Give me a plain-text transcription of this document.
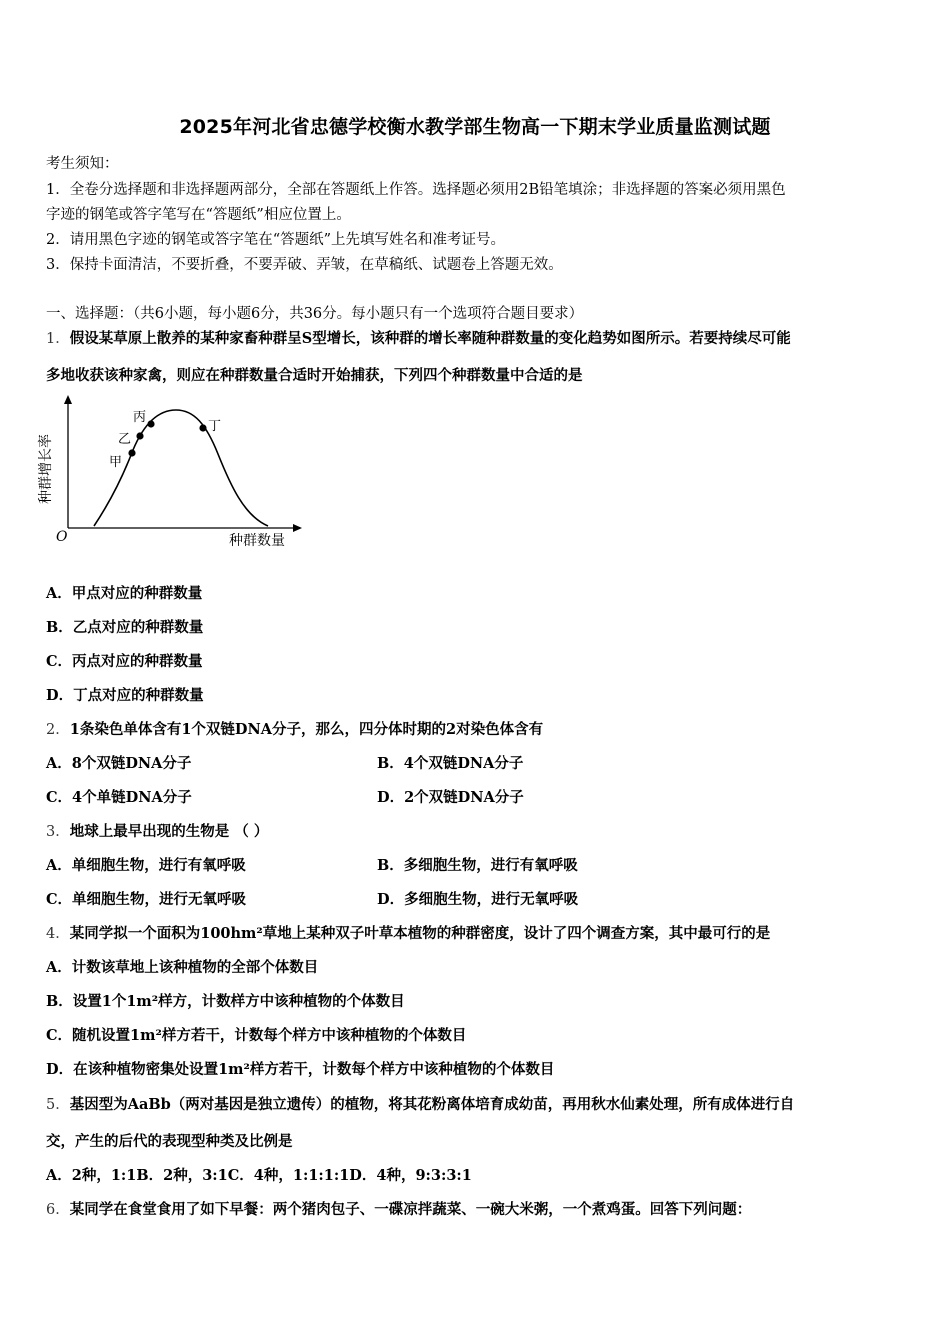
2025年河北省忠德学校衡水教学部生物高一下期末学业质量监测试题
考生须知：
1．全卷分选择题和非选择题两部分，全部在答题纸上作答。选择题必须用2B铅笔填涂；非选择题的答案必须用黑色
字迹的钢笔或答字笔写在“答题纸”相应位置上。
2．请用黑色字迹的钢笔或答字笔在“答题纸”上先填写姓名和准考证号。
3．保持卡面清洁，不要折叠，不要弄破、弄皱，在草稿纸、试题卷上答题无效。
一、选择题：（共6小题，每小题6分，共36分。每小题只有一个选项符合题目要求）
1．假设某草原上散养的某种家畜种群呈S型增长，该种群的增长率随种群数量的变化趋势如图所示。若要持续尽可能
多地收获该种家禽，则应在种群数量合适时开始捕获，下列四个种群数量中合适的是
甲
乙
丙
丁
O	种群数量
种群增长率
A．甲点对应的种群数量
B．乙点对应的种群数量
C．丙点对应的种群数量
D．丁点对应的种群数量
2．1条染色单体含有1个双链DNA分子，那么，四分体时期的2对染色体含有
A．8个双链DNA分子	B．4个双链DNA分子
C．4个单链DNA分子	D．2个双链DNA分子
3．地球上最早出现的生物是 （ ）
A．单细胞生物，进行有氧呼吸	B．多细胞生物，进行有氧呼吸
C．单细胞生物，进行无氧呼吸	D．多细胞生物，进行无氧呼吸
4．某同学拟一个面积为100hm²草地上某种双子叶草本植物的种群密度，设计了四个调查方案，其中最可行的是
A．计数该草地上该种植物的全部个体数目
B．设置1个1m²样方，计数样方中该种植物的个体数目
C．随机设置1m²样方若干，计数每个样方中该种植物的个体数目
D．在该种植物密集处设置1m²样方若干，计数每个样方中该种植物的个体数目
5．基因型为AaBb（两对基因是独立遗传）的植物，将其花粉离体培育成幼苗，再用秋水仙素处理，所有成体进行自
交，产生的后代的表现型种类及比例是
A．2种，1:1B．2种，3:1C．4种，1:1:1:1D．4种，9:3:3:1
6．某同学在食堂食用了如下早餐：两个猪肉包子、一碟凉拌蔬菜、一碗大米粥，一个煮鸡蛋。回答下列问题：
